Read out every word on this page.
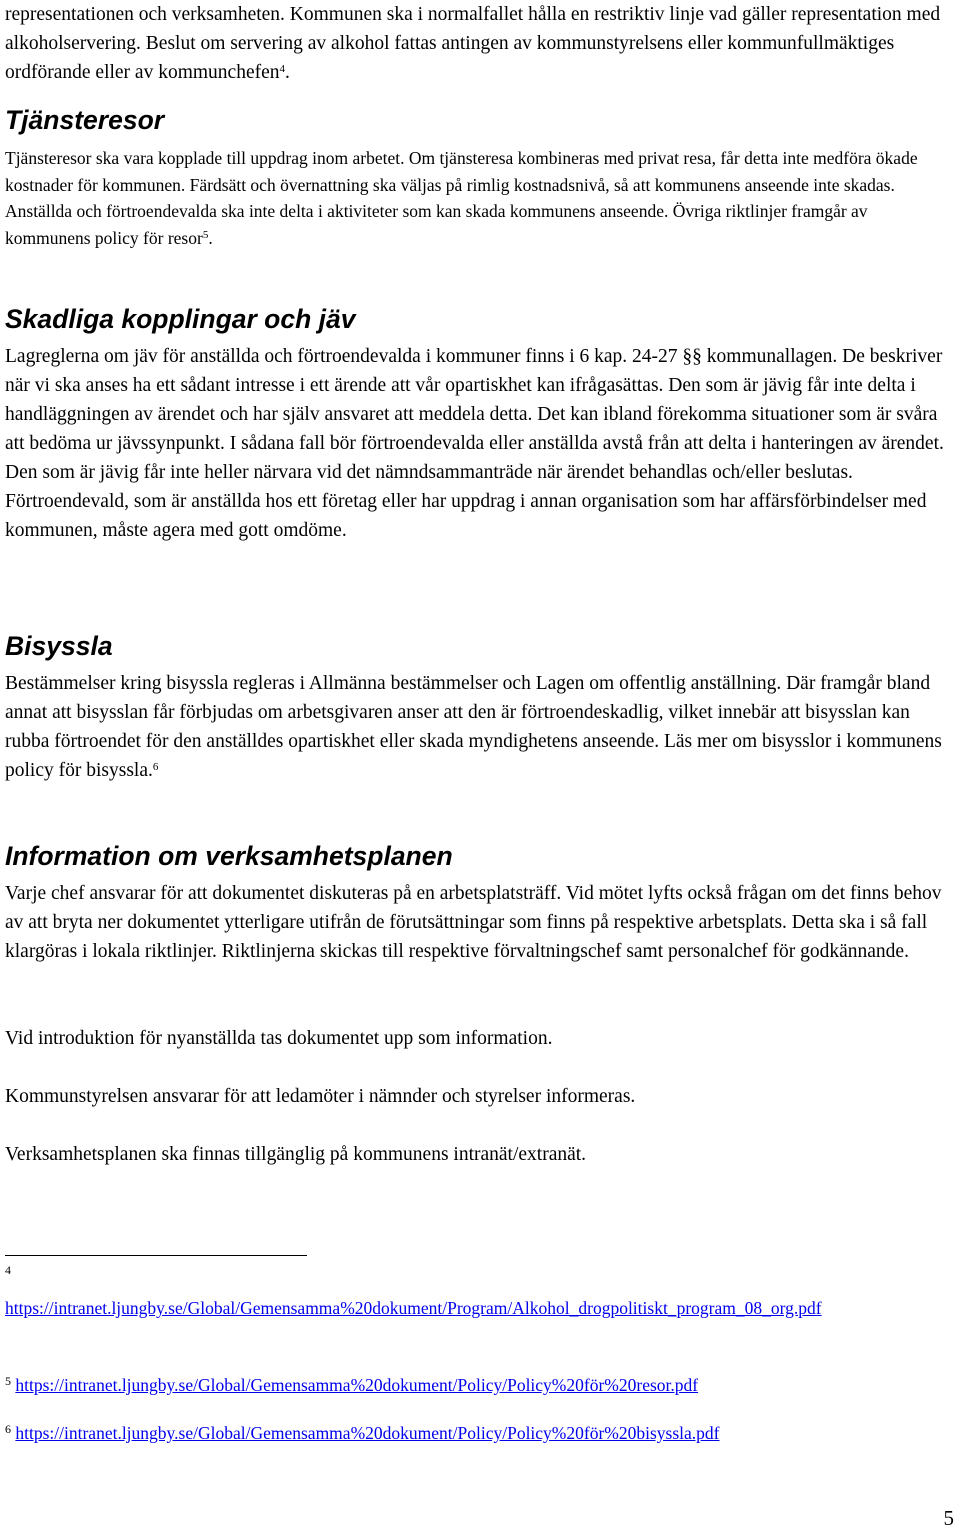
representationen och verksamheten. Kommunen ska i normalfallet hålla en restriktiv linje vad gäller representation med alkoholservering. Beslut om servering av alkohol fattas antingen av kommunstyrelsens eller kommunfullmäktiges ordförande eller av kommunchefen$^4$.

Tjänsteresor

Tjänsteresor ska vara kopplade till uppdrag inom arbetet. Om tjänsteresa kombineras med privat resa, får detta inte medföra ökade kostnader för kommunen. Färdsätt och övernattning ska väljas på rimlig kostnadsnivå, så att kommunens anseende inte skadas. Anställda och förtroendevalda ska inte delta i aktiviteter som kan skada kommunens anseende. Övriga riktlinjer framgår av kommunens policy för resor$^5$.

Skadliga kopplingar och jäv

Lagreglerna om jäv för anställda och förtroendevalda i kommuner finns i 6 kap. 24-27 §§ kommunallagen. De beskriver när vi ska anses ha ett sådant intresse i ett ärende att vår opartiskhet kan ifrågasättas. Den som är jävig får inte delta i handläggningen av ärendet och har själv ansvaret att meddela detta. Det kan ibland förekomma situationer som är svåra att bedöma ur jävssynpunkt. I sådana fall bör förtroendevalda eller anställda avstå från att delta i hanteringen av ärendet. Den som är jävig får inte heller närvara vid det nämndsammanträde när ärendet behandlas och/eller beslutas. Förtroendevald, som är anställda hos ett företag eller har uppdrag i annan organisation som har affärsförbindelser med kommunen, måste agera med gott omdöme.

Bisyssla

Bestämmelser kring bisyssla regleras i Allmänna bestämmelser och Lagen om offentlig anställning. Där framgår bland annat att bisysslan får förbjudas om arbetsgivaren anser att den är förtroendeskadlig, vilket innebär att bisysslan kan rubba förtroendet för den anställdes opartiskhet eller skada myndighetens anseende. Läs mer om bisysslor i kommunens policy för bisyssla.$^6$

Information om verksamhetsplanen

Varje chef ansvarar för att dokumentet diskuteras på en arbetsplatsträff. Vid mötet lyfts också frågan om det finns behov av att bryta ner dokumentet ytterligare utifrån de förutsättningar som finns på respektive arbetsplats. Detta ska i så fall klargöras i lokala riktlinjer. Riktlinjerna skickas till respektive förvaltningschef samt personalchef för godkännande.

Vid introduktion för nyanställda tas dokumentet upp som information.

Kommunstyrelsen ansvarar för att ledamöter i nämnder och styrelser informeras.

Verksamhetsplanen ska finnas tillgänglig på kommunens intranät/extranät.

4
https://intranet.ljungby.se/Global/Gemensamma%20dokument/Program/Alkohol_drogpolitiskt_program_08_org.pdf
$^5$ https://intranet.ljungby.se/Global/Gemensamma%20dokument/Policy/Policy%20för%20resor.pdf
$^6$ https://intranet.ljungby.se/Global/Gemensamma%20dokument/Policy/Policy%20för%20bisyssla.pdf
5
